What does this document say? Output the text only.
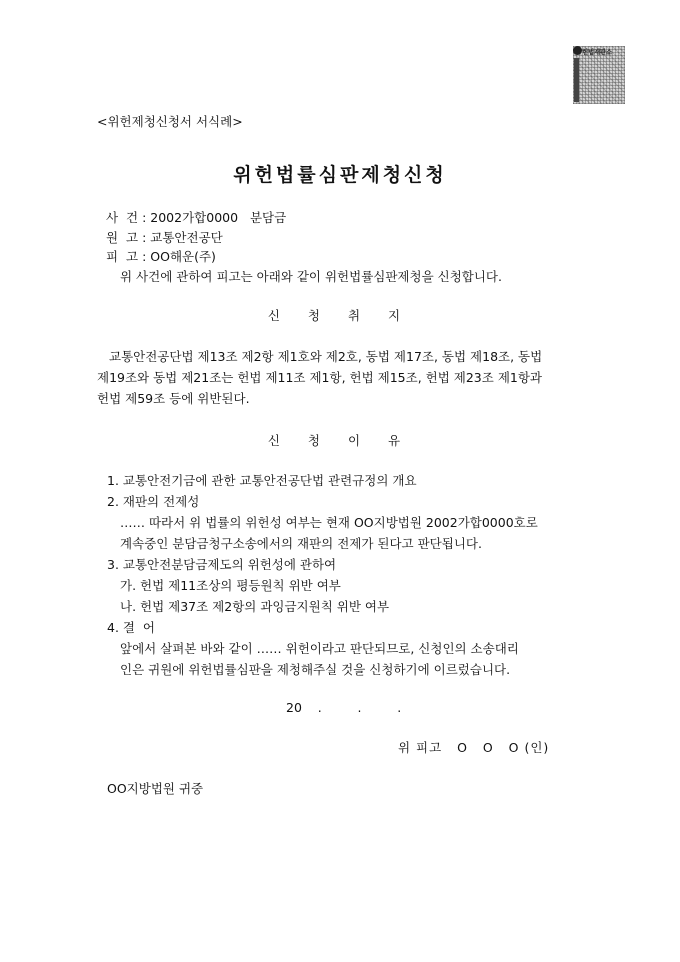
헌법재판소
<위헌제청신청서 서식례>
위헌법률심판제청신청
사  건 : 2002가합0000   분담금
원  고 : 교통안전공단
피  고 : OO해운(주)
위 사건에 관하여 피고는 아래와 같이 위헌법률심판제청을 신청합니다.
신 청 취 지
교통안전공단법 제13조 제2항 제1호와 제2호, 동법 제17조, 동법 제18조, 동법
제19조와 동법 제21조는 헌법 제11조 제1항, 헌법 제15조, 헌법 제23조 제1항과
헌법 제59조 등에 위반된다.
신 청 이 유
1. 교통안전기금에 관한 교통안전공단법 관련규정의 개요
2. 재판의 전제성
…… 따라서 위 법률의 위헌성 여부는 현재 OO지방법원 2002가합0000호로
계속중인 분담금청구소송에서의 재판의 전제가 된다고 판단됩니다.
3. 교통안전분담금제도의 위헌성에 관하여
가. 헌법 제11조상의 평등원칙 위반 여부
나. 헌법 제37조 제2항의 과잉금지원칙 위반 여부
4. 결  어
앞에서 살펴본 바와 같이 …… 위헌이라고 판단되므로, 신청인의 소송대리
인은 귀원에 위헌법률심판을 제청해주실 것을 신청하기에 이르렀습니다.
20    .         .         .
위 피고   O   O   O (인)
OO지방법원 귀중
